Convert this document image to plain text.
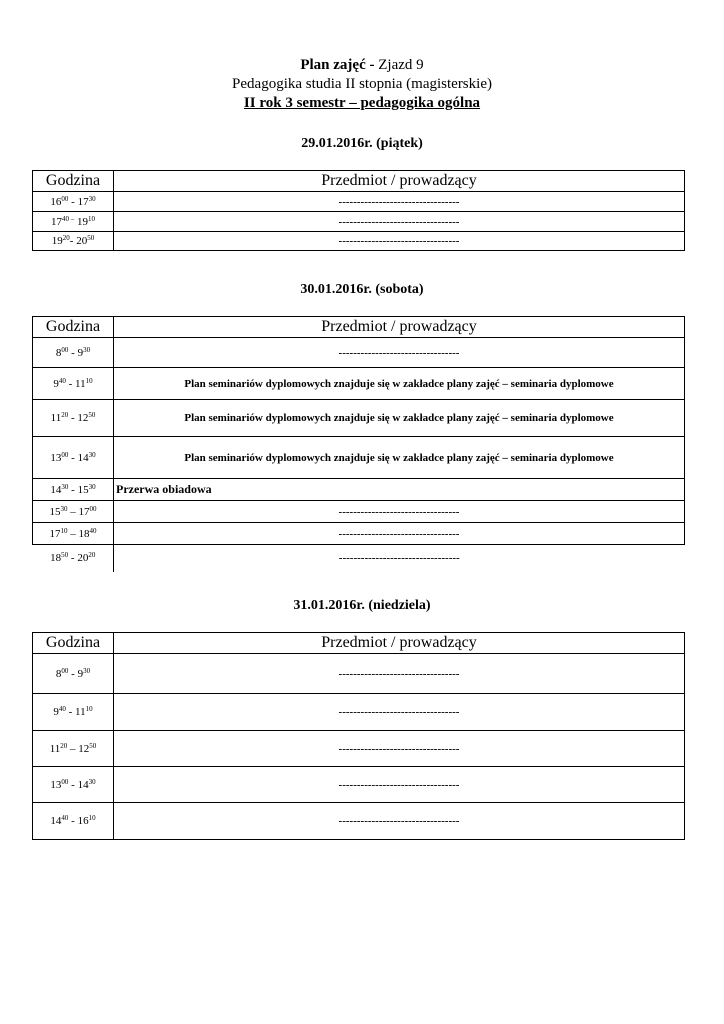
Plan zajęć - Zjazd 9
Pedagogika studia II stopnia (magisterskie)
II rok 3 semestr – pedagogika ogólna
29.01.2016r. (piątek)
Godzina	Przedmiot / prowadzący
$16^{00} - 17^{30}$	---------------------------------
$17^{40 -}$ $19^{10}$	---------------------------------
$19^{20}-$ $20^{50}$	---------------------------------
30.01.2016r. (sobota)
Godzina	Przedmiot / prowadzący
$8^{00} - 9^{30}$	---------------------------------
$9^{40} - 11^{10}$	Plan seminariów dyplomowych znajduje się w zakładce plany zajęć – seminaria dyplomowe
$11^{20} - 12^{50}$	Plan seminariów dyplomowych znajduje się w zakładce plany zajęć – seminaria dyplomowe
$13^{00} - 14^{30}$	Plan seminariów dyplomowych znajduje się w zakładce plany zajęć – seminaria dyplomowe
$14^{30} - 15^{30}$	Przerwa obiadowa
$15^{30} - 17^{00}$	---------------------------------
$17^{10} - 18^{40}$	---------------------------------
$18^{50} - 20^{20}$	---------------------------------
31.01.2016r. (niedziela)
Godzina	Przedmiot / prowadzący
$8^{00} - 9^{30}$	---------------------------------
$9^{40} - 11^{10}$	---------------------------------
$11^{20} - 12^{50}$	---------------------------------
$13^{00} - 14^{30}$	---------------------------------
$14^{40} - 16^{10}$	---------------------------------
